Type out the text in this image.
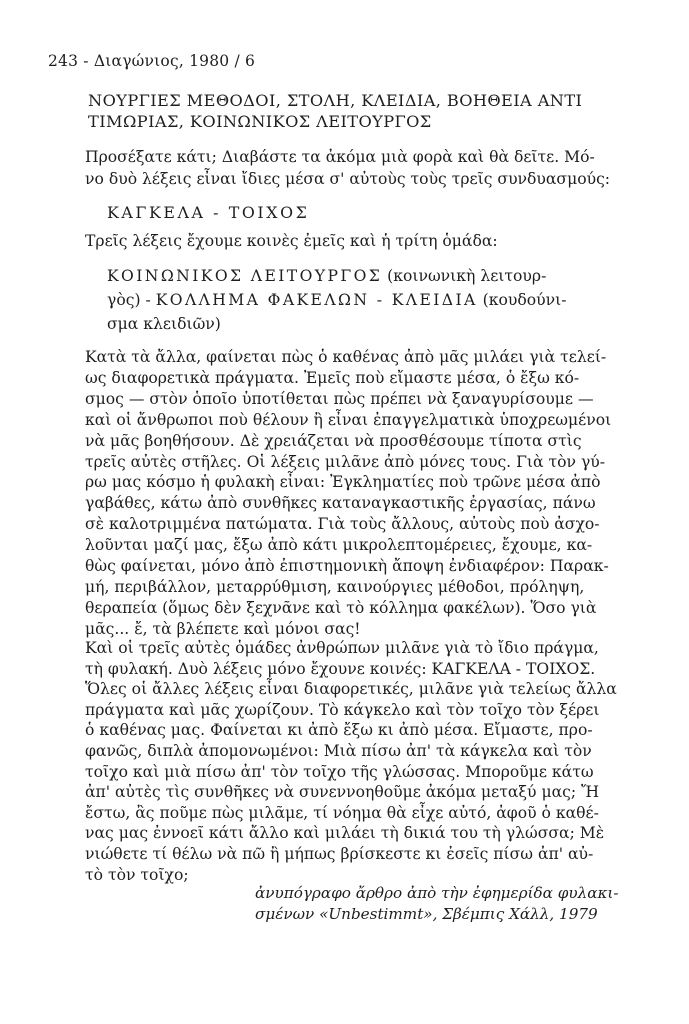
243 - Διαγώνιος, 1980 / 6
ΝΟΥΡΓΙΕΣ ΜΕΘΟΔΟΙ, ΣΤΟΛΗ, ΚΛΕΙΔΙΑ, ΒΟΗΘΕΙΑ ΑΝΤΙ
ΤΙΜΩΡΙΑΣ, ΚΟΙΝΩΝΙΚΟΣ ΛΕΙΤΟΥΡΓΟΣ
Προσέξατε κάτι; Διαβάστε τα ἀκόμα μιὰ φορὰ καὶ θὰ δεῖτε. Μό-
νο δυὸ λέξεις εἶναι ἴδιες μέσα σ' αὐτοὺς τοὺς τρεῖς συνδυασμούς:
ΚΑΓΚΕΛΑ - ΤΟΙΧΟΣ
Τρεῖς λέξεις ἔχουμε κοινὲς ἐμεῖς καὶ ἡ τρίτη ὁμάδα:
ΚΟΙΝΩΝΙΚΟΣ ΛΕΙΤΟΥΡΓΟΣ (κοινωνικὴ λειτουρ-
γὸς) - ΚΟΛΛΗΜΑ ΦΑΚΕΛΩΝ - ΚΛΕΙΔΙΑ (κουδούνι-
σμα κλειδιῶν)
Κατὰ τὰ ἄλλα, φαίνεται πὼς ὁ καθένας ἀπὸ μᾶς μιλάει γιὰ τελεί-
ως διαφορετικὰ πράγματα. Ἐμεῖς ποὺ εἴμαστε μέσα, ὁ ἔξω κό-
σμος — στὸν ὁποῖο ὑποτίθεται πὼς πρέπει νὰ ξαναγυρίσουμε —
καὶ οἱ ἄνθρωποι ποὺ θέλουν ἢ εἶναι ἐπαγγελματικὰ ὑποχρεωμένοι
νὰ μᾶς βοηθήσουν. Δὲ χρειάζεται νὰ προσθέσουμε τίποτα στὶς
τρεῖς αὐτὲς στῆλες. Οἱ λέξεις μιλᾶνε ἀπὸ μόνες τους. Γιὰ τὸν γύ-
ρω μας κόσμο ἡ φυλακὴ εἶναι: Ἐγκληματίες ποὺ τρῶνε μέσα ἀπὸ
γαβάθες, κάτω ἀπὸ συνθῆκες καταναγκαστικῆς ἐργασίας, πάνω
σὲ καλοτριμμένα πατώματα. Γιὰ τοὺς ἄλλους, αὐτοὺς ποὺ ἀσχο-
λοῦνται μαζί μας, ἔξω ἀπὸ κάτι μικρολεπτομέρειες, ἔχουμε, κα-
θὼς φαίνεται, μόνο ἀπὸ ἐπιστημονικὴ ἄποψη ἐνδιαφέρον: Παρακ-
μή, περιβάλλον, μεταρρύθμιση, καινούργιες μέθοδοι, πρόληψη,
θεραπεία (ὅμως δὲν ξεχνᾶνε καὶ τὸ κόλλημα φακέλων). Ὅσο γιὰ
μᾶς... ἔ, τὰ βλέπετε καὶ μόνοι σας!
Καὶ οἱ τρεῖς αὐτὲς ὁμάδες ἀνθρώπων μιλᾶνε γιὰ τὸ ἴδιο πράγμα,
τὴ φυλακή. Δυὸ λέξεις μόνο ἔχουνε κοινές: ΚΑΓΚΕΛΑ - ΤΟΙΧΟΣ.
Ὅλες οἱ ἄλλες λέξεις εἶναι διαφορετικές, μιλᾶνε γιὰ τελείως ἄλλα
πράγματα καὶ μᾶς χωρίζουν. Τὸ κάγκελο καὶ τὸν τοῖχο τὸν ξέρει
ὁ καθένας μας. Φαίνεται κι ἀπὸ ἔξω κι ἀπὸ μέσα. Εἴμαστε, προ-
φανῶς, διπλὰ ἀπομονωμένοι: Μιὰ πίσω ἀπ' τὰ κάγκελα καὶ τὸν
τοῖχο καὶ μιὰ πίσω ἀπ' τὸν τοῖχο τῆς γλώσσας. Μποροῦμε κάτω
ἀπ' αὐτὲς τὶς συνθῆκες νὰ συνεννοηθοῦμε ἀκόμα μεταξύ μας; Ἤ
ἔστω, ἂς ποῦμε πὼς μιλᾶμε, τί νόημα θὰ εἶχε αὐτό, ἀφοῦ ὁ καθέ-
νας μας ἐννοεῖ κάτι ἄλλο καὶ μιλάει τὴ δικιά του τὴ γλώσσα; Μὲ
νιώθετε τί θέλω νὰ πῶ ἢ μήπως βρίσκεστε κι ἐσεῖς πίσω ἀπ' αὐ-
τὸ τὸν τοῖχο;
ἀνυπόγραφο ἄρθρο ἀπὸ τὴν ἐφημερίδα φυλακι-
σμένων «Unbestimmt», Σβέμπις Χάλλ, 1979
